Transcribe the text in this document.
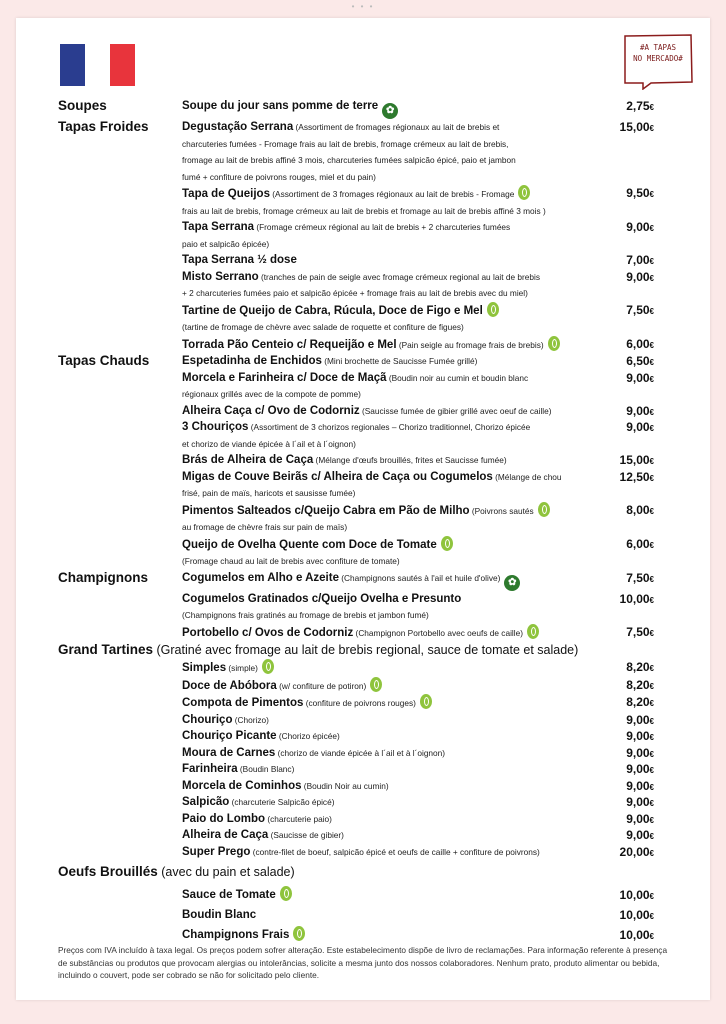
• • •
#A TAPAS
NO MERCADO#
Soupes	Soupe du jour sans pomme de terre ✿	2,75€
Tapas Froides	Degustação Serrana (Assortiment de fromages régionaux au lait de brebis et	15,00€
charcuteries fumées - Fromage frais au lait de brebis, fromage crémeux au lait de brebis,
fromage au lait de brebis affiné 3 mois, charcuteries fumées salpicão épicé, paio et jambon
fumé + confiture de poivrons rouges, miel et du pain)
Tapa de Queijos (Assortiment de 3 fromages régionaux au lait de brebis - Fromage	9,50€
frais au lait de brebis, fromage crémeux au lait de brebis et fromage au lait de brebis affiné 3 mois )
Tapa Serrana (Fromage crémeux régional au lait de brebis + 2 charcuteries fumées	9,00€
paio et salpicão épicée)
Tapa Serrana ½ dose	7,00€
Misto Serrano (tranches de pain de seigle avec fromage crémeux regional au lait de brebis	9,00€
+ 2 charcuteries fumées paio et salpicão épicée + fromage frais au lait de brebis avec du miel)
Tartine de Queijo de Cabra, Rúcula, Doce de Figo e Mel	7,50€
(tartine de fromage de chèvre avec salade de roquette et confiture de figues)
Torrada Pão Centeio c/ Requeijão e Mel (Pain seigle au fromage frais de brebis)	6,00€
Tapas Chauds	Espetadinha de Enchidos (Mini brochette de Saucisse Fumée grillé)	6,50€
Morcela e Farinheira c/ Doce de Maçã (Boudin noir au cumin et boudin blanc	9,00€
régionaux grillés avec de la compote de pomme)
Alheira Caça c/ Ovo de Codorniz (Saucisse fumée de gibier grillé avec oeuf de caille)	9,00€
3 Chouriços (Assortiment de 3 chorizos regionales – Chorizo traditionnel, Chorizo épicée	9,00€
et chorizo de viande épicée à l´ail et à l´oignon)
Brás de Alheira de Caça (Mélange d'œufs brouillés, frites et Saucisse fumée)	15,00€
Migas de Couve Beirãs c/ Alheira de Caça ou Cogumelos (Mélange de chou	12,50€
frisé, pain de maïs, haricots et sausisse fumée)
Pimentos Salteados c/Queijo Cabra em Pão de Milho (Poivrons sautés	8,00€
au fromage de chèvre frais sur pain de maïs)
Queijo de Ovelha Quente com Doce de Tomate	6,00€
(Fromage chaud au lait de brebis avec confiture de tomate)
Champignons	Cogumelos em Alho e Azeite (Champignons sautés à l'ail et huile d'olive) ✿	7,50€
Cogumelos Gratinados c/Queijo Ovelha e Presunto	10,00€
(Champignons frais gratinés au fromage de brebis et jambon fumé)
Portobello c/ Ovos de Codorniz (Champignon Portobello avec oeufs de caille)	7,50€
Grand Tartines (Gratiné avec fromage au lait de brebis regional, sauce de tomate et salade)
Simples (simple)	8,20€
Doce de Abóbora (w/ confiture de potiron)	8,20€
Compota de Pimentos (confiture de poivrons rouges)	8,20€
Chouriço (Chorizo)	9,00€
Chouriço Picante (Chorizo épicée)	9,00€
Moura de Carnes (chorizo de viande épicée à l´ail et à l´oignon)	9,00€
Farinheira (Boudin Blanc)	9,00€
Morcela de Cominhos (Boudin Noir au cumin)	9,00€
Salpicão (charcuterie Salpicão épicé)	9,00€
Paio do Lombo (charcuterie paio)	9,00€
Alheira de Caça (Saucisse de gibier)	9,00€
Super Prego (contre-filet de boeuf, salpicão épicé et oeufs de caille + confiture de poivrons)	20,00€
Oeufs Brouillés (avec du pain et salade)
Sauce de Tomate	10,00€
Boudin Blanc	10,00€
Champignons Frais	10,00€
Preços com IVA incluído à taxa legal. Os preços podem sofrer alteração. Este estabelecimento dispõe de livro de reclamações. Para informação referente à presença de substâncias ou produtos que provocam alergias ou intolerâncias, solicite a mesma junto dos nossos colaboradores. Nenhum prato, produto alimentar ou bebida, incluindo o couvert, pode ser cobrado se não for solicitado pelo cliente.
